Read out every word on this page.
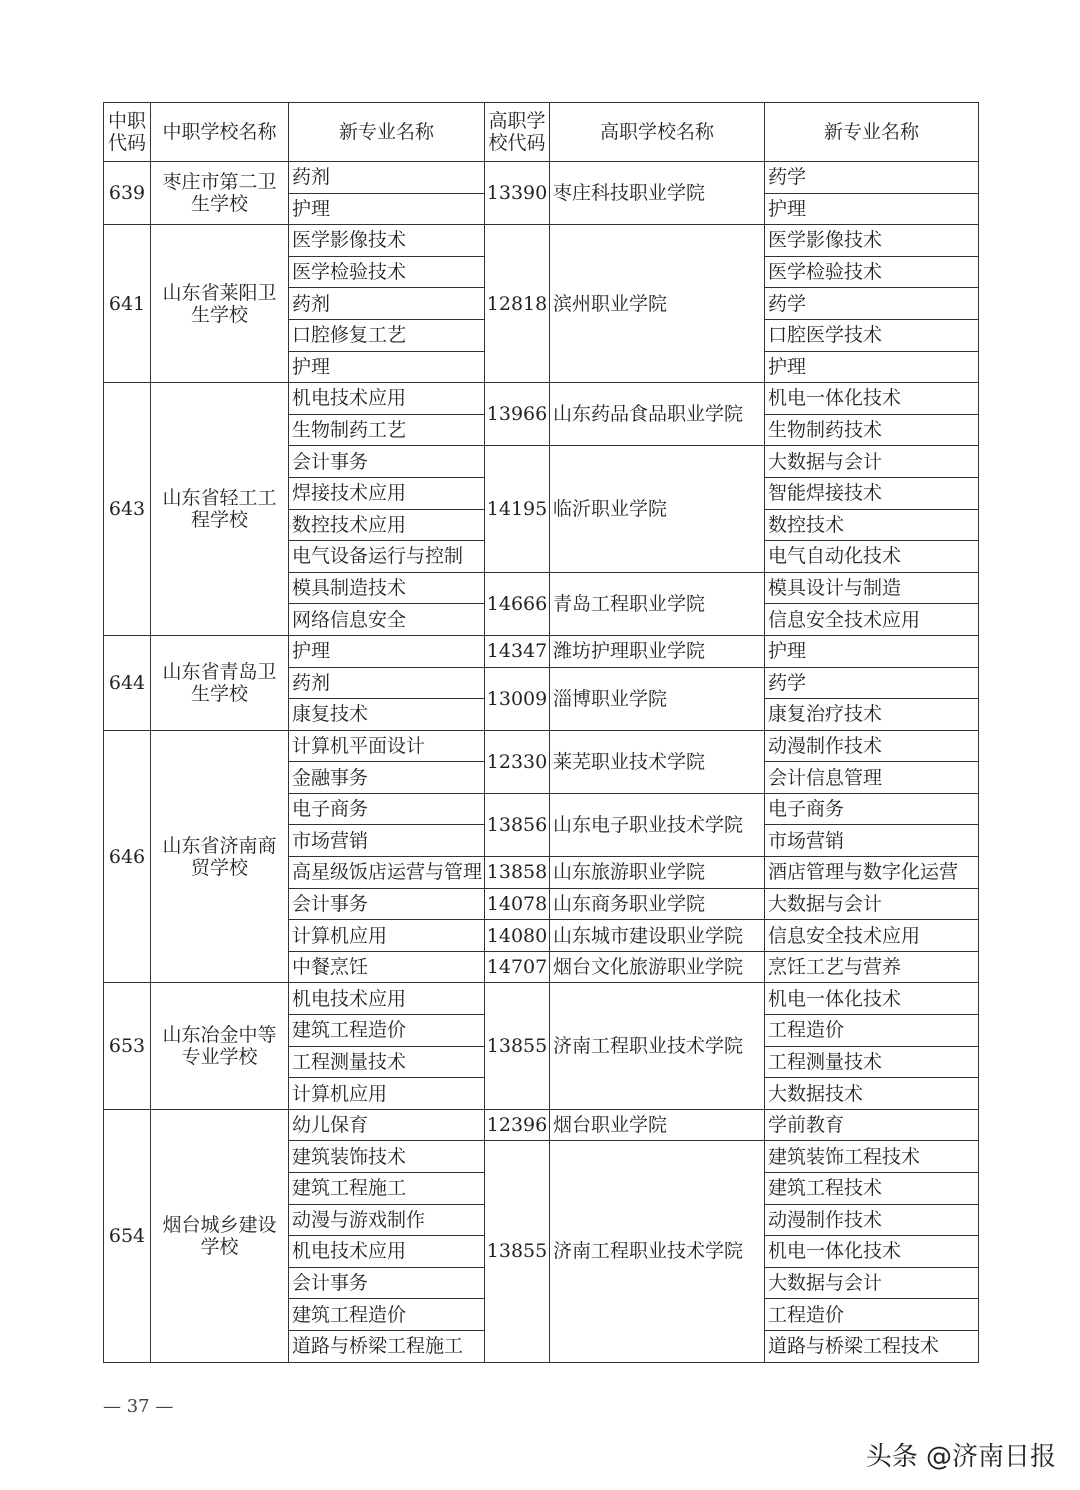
中职代码	中职学校名称	新专业名称	高职学校代码	高职学校名称	新专业名称
639	枣庄市第二卫生学校	药剂	13390	枣庄科技职业学院	药学
		护理			护理
641	山东省莱阳卫生学校	医学影像技术	12818	滨州职业学院	医学影像技术
		医学检验技术			医学检验技术
		药剂			药学
		口腔修复工艺			口腔医学技术
		护理			护理
643	山东省轻工工程学校	机电技术应用	13966	山东药品食品职业学院	机电一体化技术
		生物制药工艺			生物制药技术
		会计事务	14195	临沂职业学院	大数据与会计
		焊接技术应用			智能焊接技术
		数控技术应用			数控技术
		电气设备运行与控制			电气自动化技术
		模具制造技术	14666	青岛工程职业学院	模具设计与制造
		网络信息安全			信息安全技术应用
644	山东省青岛卫生学校	护理	14347	潍坊护理职业学院	护理
		药剂	13009	淄博职业学院	药学
		康复技术			康复治疗技术
646	山东省济南商贸学校	计算机平面设计	12330	莱芜职业技术学院	动漫制作技术
		金融事务			会计信息管理
		电子商务	13856	山东电子职业技术学院	电子商务
		市场营销			市场营销
		高星级饭店运营与管理	13858	山东旅游职业学院	酒店管理与数字化运营
		会计事务	14078	山东商务职业学院	大数据与会计
		计算机应用	14080	山东城市建设职业学院	信息安全技术应用
		中餐烹饪	14707	烟台文化旅游职业学院	烹饪工艺与营养
653	山东冶金中等专业学校	机电技术应用	13855	济南工程职业技术学院	机电一体化技术
		建筑工程造价			工程造价
		工程测量技术			工程测量技术
		计算机应用			大数据技术
654	烟台城乡建设学校	幼儿保育	12396	烟台职业学院	学前教育
		建筑装饰技术	13855	济南工程职业技术学院	建筑装饰工程技术
		建筑工程施工			建筑工程技术
		动漫与游戏制作			动漫制作技术
		机电技术应用			机电一体化技术
		会计事务			大数据与会计
		建筑工程造价			工程造价
		道路与桥梁工程施工			道路与桥梁工程技术
— 37 —
头条 @济南日报
